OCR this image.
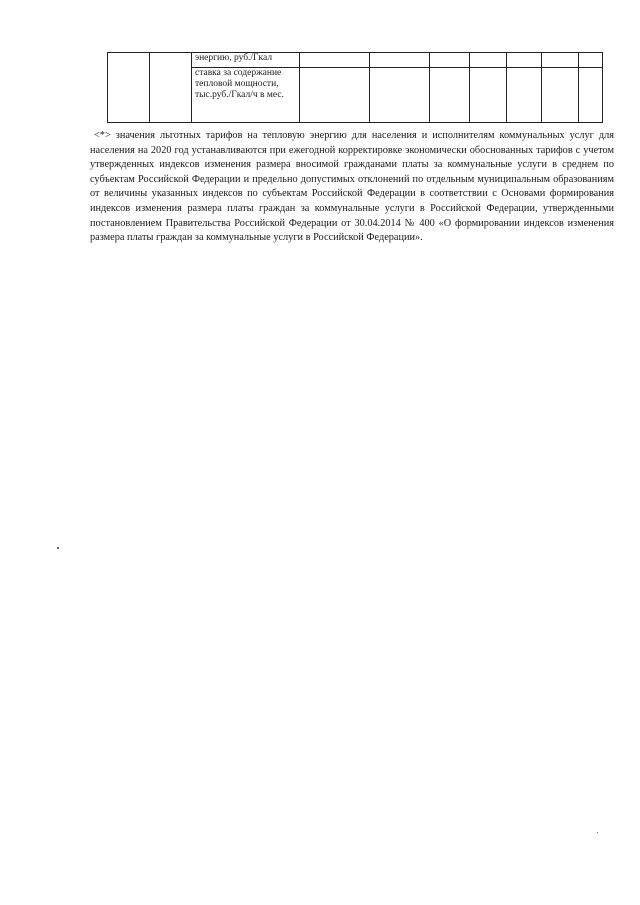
		энергию, руб./Гкал							
		ставка за содержание тепловой мощности, тыс.руб./Гкал/ч в мес.							

<*> значения льготных тарифов на тепловую энергию для населения и исполнителям коммунальных услуг для населения на 2020 год устанавливаются при ежегодной корректировке экономически обоснованных тарифов с учетом утвержденных индексов изменения размера вносимой гражданами платы за коммунальные услуги в среднем по субъектам Российской Федерации и предельно допустимых отклонений по отдельным муниципальным образованиям от величины указанных индексов по субъектам Российской Федерации в соответствии с Основами формирования индексов изменения размера платы граждан за коммунальные услуги в Российской Федерации, утвержденными постановлением Правительства Российской Федерации от 30.04.2014 № 400 «О формировании индексов изменения размера платы граждан за коммунальные услуги в Российской Федерации».
